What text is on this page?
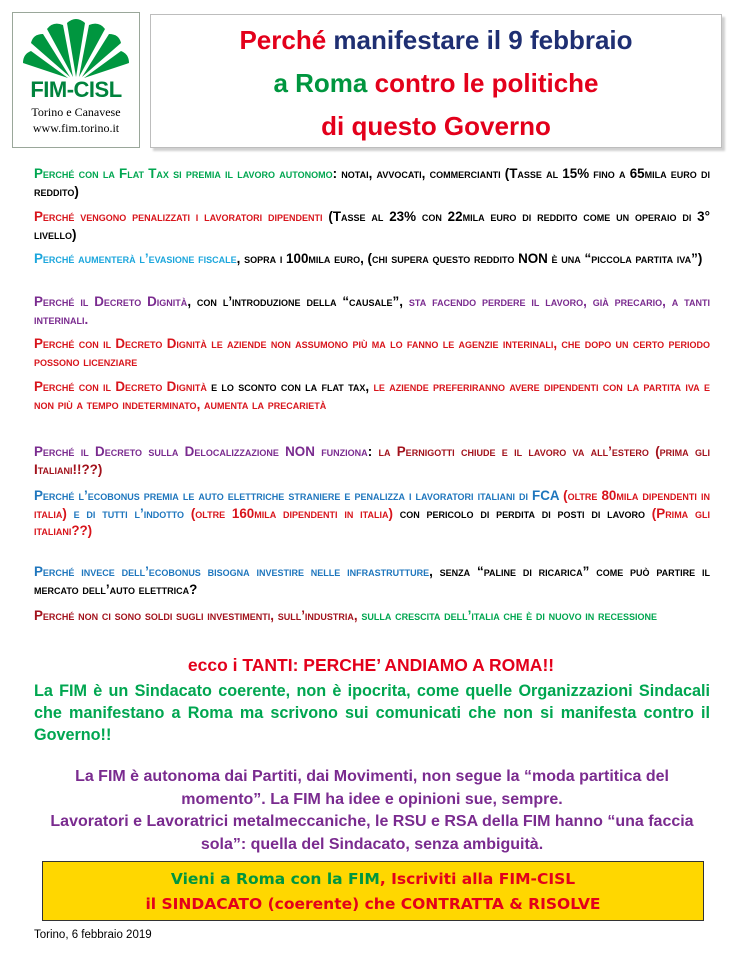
FIM-CISL
Torino e Canavese
www.fim.torino.it
Perché manifestare il 9 febbraio
a Roma contro le politiche
di questo Governo
Perché con la Flat Tax si premia il lavoro autonomo: notai, avvocati, commercianti (Tasse al 15% fino a 65mila euro di reddito)
Perché vengono penalizzati i lavoratori dipendenti (Tasse al 23% con 22mila euro di reddito come un operaio di 3° livello)
Perché aumenterà l’evasione fiscale, sopra i 100mila euro, (chi supera questo reddito NON è una “piccola partita iva”)
Perché il Decreto Dignità, con l’introduzione della “causale”, sta facendo perdere il lavoro, già precario, a tanti interinali.
Perché con il Decreto Dignità le aziende non assumono più ma lo fanno le agenzie interinali, che dopo un certo periodo possono licenziare
Perché con il Decreto Dignità e lo sconto con la flat tax, le aziende preferiranno avere dipendenti con la partita iva e non più a tempo indeterminato, aumenta la precarietà
Perché il Decreto sulla Delocalizzazione NON funziona: la Pernigotti chiude e il lavoro va all’estero (prima gli Italiani!!??)
Perché l’ecobonus premia le auto elettriche straniere e penalizza i lavoratori italiani di FCA (oltre 80mila dipendenti in italia) e di tutti l’indotto (oltre 160mila dipendenti in italia) con pericolo di perdita di posti di lavoro (Prima gli italiani??)
Perché invece dell’ecobonus bisogna investire nelle infrastrutture, senza “paline di ricarica” come può partire il mercato dell’auto elettrica?
Perché non ci sono soldi sugli investimenti, sull’industria, sulla crescita dell’italia che è di nuovo in recessione
ecco i TANTI: PERCHE’ ANDIAMO A ROMA!!
La FIM è un Sindacato coerente, non è ipocrita, come quelle Organizzazioni Sindacali che manifestano a Roma ma scrivono sui comunicati che non si manifesta contro il Governo!!
La FIM è autonoma dai Partiti, dai Movimenti, non segue la “moda partitica del momento”. La FIM ha idee e opinioni sue, sempre.
Lavoratori e Lavoratrici metalmeccaniche, le RSU e RSA della FIM hanno “una faccia sola”: quella del Sindacato, senza ambiguità.
Vieni a Roma con la FIM, Iscriviti alla FIM-CISL
il SINDACATO (coerente) che CONTRATTA & RISOLVE
Torino, 6 febbraio 2019
